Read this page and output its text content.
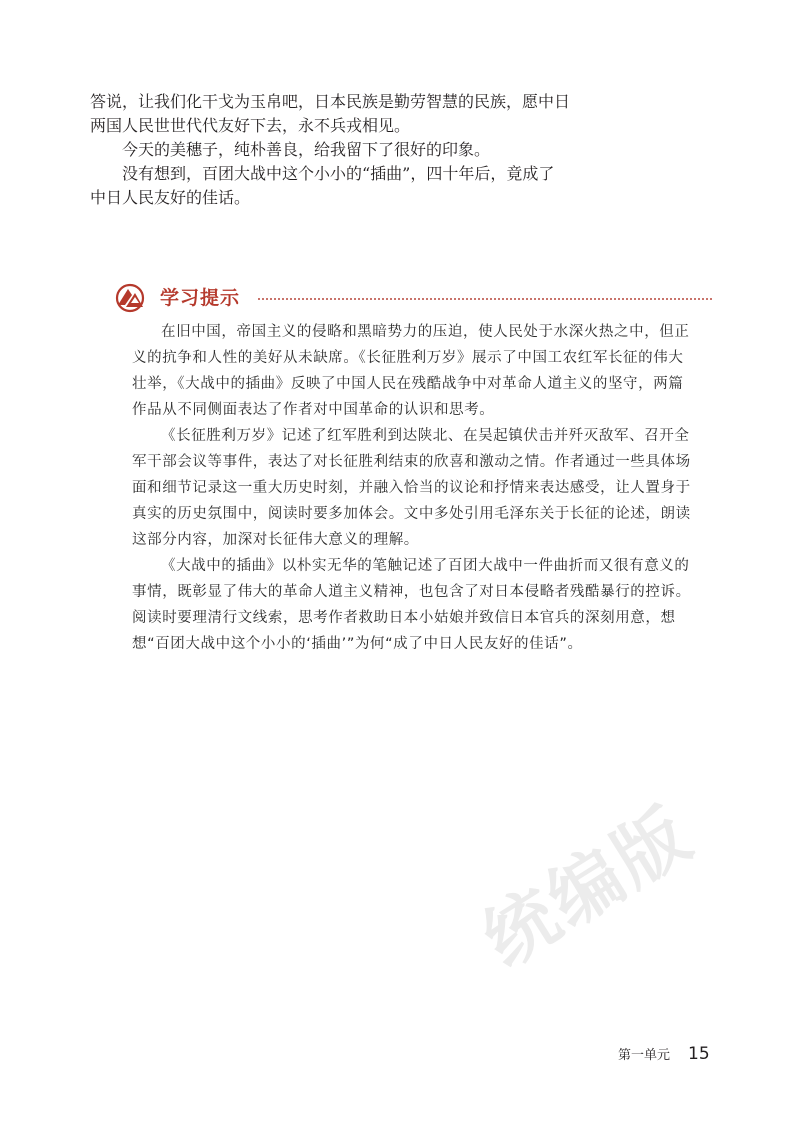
答说，让我们化干戈为玉帛吧，日本民族是勤劳智慧的民族，愿中日两国人民世世代代友好下去，永不兵戎相见。

今天的美穗子，纯朴善良，给我留下了很好的印象。

没有想到，百团大战中这个小小的“插曲”，四十年后，竟成了中日人民友好的佳话。

学习提示

在旧中国，帝国主义的侵略和黑暗势力的压迫，使人民处于水深火热之中，但正义的抗争和人性的美好从未缺席。《长征胜利万岁》展示了中国工农红军长征的伟大壮举，《大战中的插曲》反映了中国人民在残酷战争中对革命人道主义的坚守，两篇作品从不同侧面表达了作者对中国革命的认识和思考。

《长征胜利万岁》记述了红军胜利到达陕北、在吴起镇伏击并歼灭敌军、召开全军干部会议等事件，表达了对长征胜利结束的欣喜和激动之情。作者通过一些具体场面和细节记录这一重大历史时刻，并融入恰当的议论和抒情来表达感受，让人置身于真实的历史氛围中，阅读时要多加体会。文中多处引用毛泽东关于长征的论述，朗读这部分内容，加深对长征伟大意义的理解。

《大战中的插曲》以朴实无华的笔触记述了百团大战中一件曲折而又很有意义的事情，既彰显了伟大的革命人道主义精神，也包含了对日本侵略者残酷暴行的控诉。阅读时要理清行文线索，思考作者救助日本小姑娘并致信日本官兵的深刻用意，想想“百团大战中这个小小的‘插曲’”为何“成了中日人民友好的佳话”。

统编版
第一单元 15
